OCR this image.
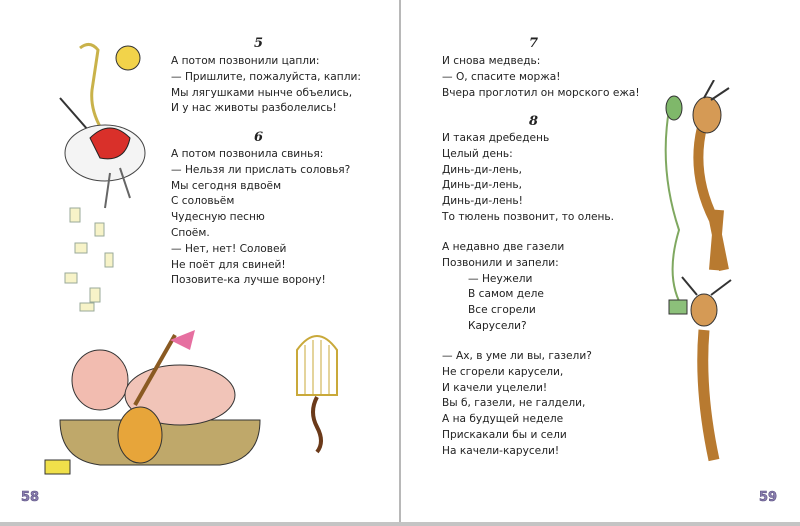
5
А потом позвонили цапли:
— Пришлите, пожалуйста, капли:
Мы лягушками нынче объелись,
И у нас животы разболелись!
6
А потом позвонила свинья:
— Нельзя ли прислать соловья?
Мы сегодня вдвоём
С соловьём
Чудесную песню
Споём.
— Нет, нет! Соловей
Не поёт для свиней!
Позовите-ка лучше ворону!
58
7
И снова медведь:
— О, спасите моржа!
Вчера проглотил он морского ежа!
8
И такая дребедень
Целый день:
Динь-ди-лень,
Динь-ди-лень,
Динь-ди-лень!
То тюлень позвонит, то олень.
А недавно две газели
Позвонили и запели:
— Неужели
В самом деле
Все сгорели
Карусели?
— Ах, в уме ли вы, газели?
Не сгорели карусели,
И качели уцелели!
Вы б, газели, не галдели,
А на будущей неделе
Прискакали бы и сели
На качели-карусели!
59
